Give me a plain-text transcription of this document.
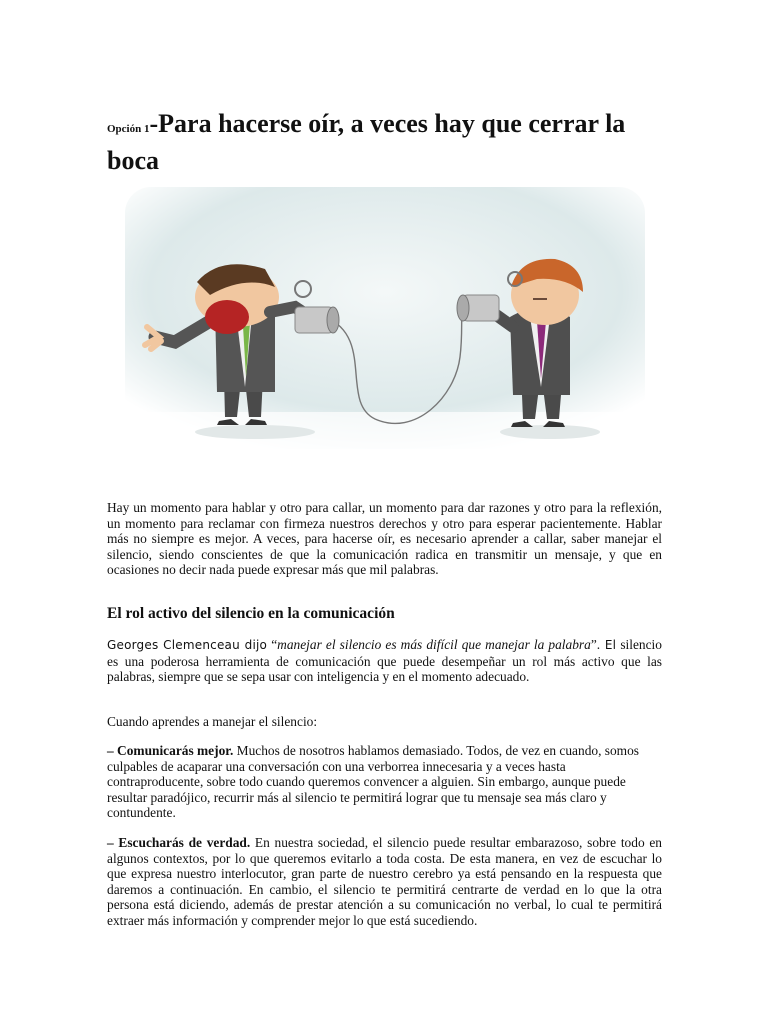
Opción 1-Para hacerse oír, a veces hay que cerrar la boca

Hay un momento para hablar y otro para callar, un momento para dar razones y otro para la reflexión, un momento para reclamar con firmeza nuestros derechos y otro para esperar pacientemente. Hablar más no siempre es mejor. A veces, para hacerse oír, es necesario aprender a callar, saber manejar el silencio, siendo conscientes de que la comunicación radica en transmitir un mensaje, y que en ocasiones no decir nada puede expresar más que mil palabras.

El rol activo del silencio en la comunicación

Georges Clemenceau dijo “manejar el silencio es más difícil que manejar la palabra”. El silencio es una poderosa herramienta de comunicación que puede desempeñar un rol más activo que las palabras, siempre que se sepa usar con inteligencia y en el momento adecuado.

Cuando aprendes a manejar el silencio:

– Comunicarás mejor. Muchos de nosotros hablamos demasiado. Todos, de vez en cuando, somos culpables de acaparar una conversación con una verborrea innecesaria y a veces hasta contraproducente, sobre todo cuando queremos convencer a alguien. Sin embargo, aunque puede resultar paradójico, recurrir más al silencio te permitirá lograr que tu mensaje sea más claro y contundente.

– Escucharás de verdad. En nuestra sociedad, el silencio puede resultar embarazoso, sobre todo en algunos contextos, por lo que queremos evitarlo a toda costa. De esta manera, en vez de escuchar lo que expresa nuestro interlocutor, gran parte de nuestro cerebro ya está pensando en la respuesta que daremos a continuación. En cambio, el silencio te permitirá centrarte de verdad en lo que la otra persona está diciendo, además de prestar atención a su comunicación no verbal, lo cual te permitirá extraer más información y comprender mejor lo que está sucediendo.
